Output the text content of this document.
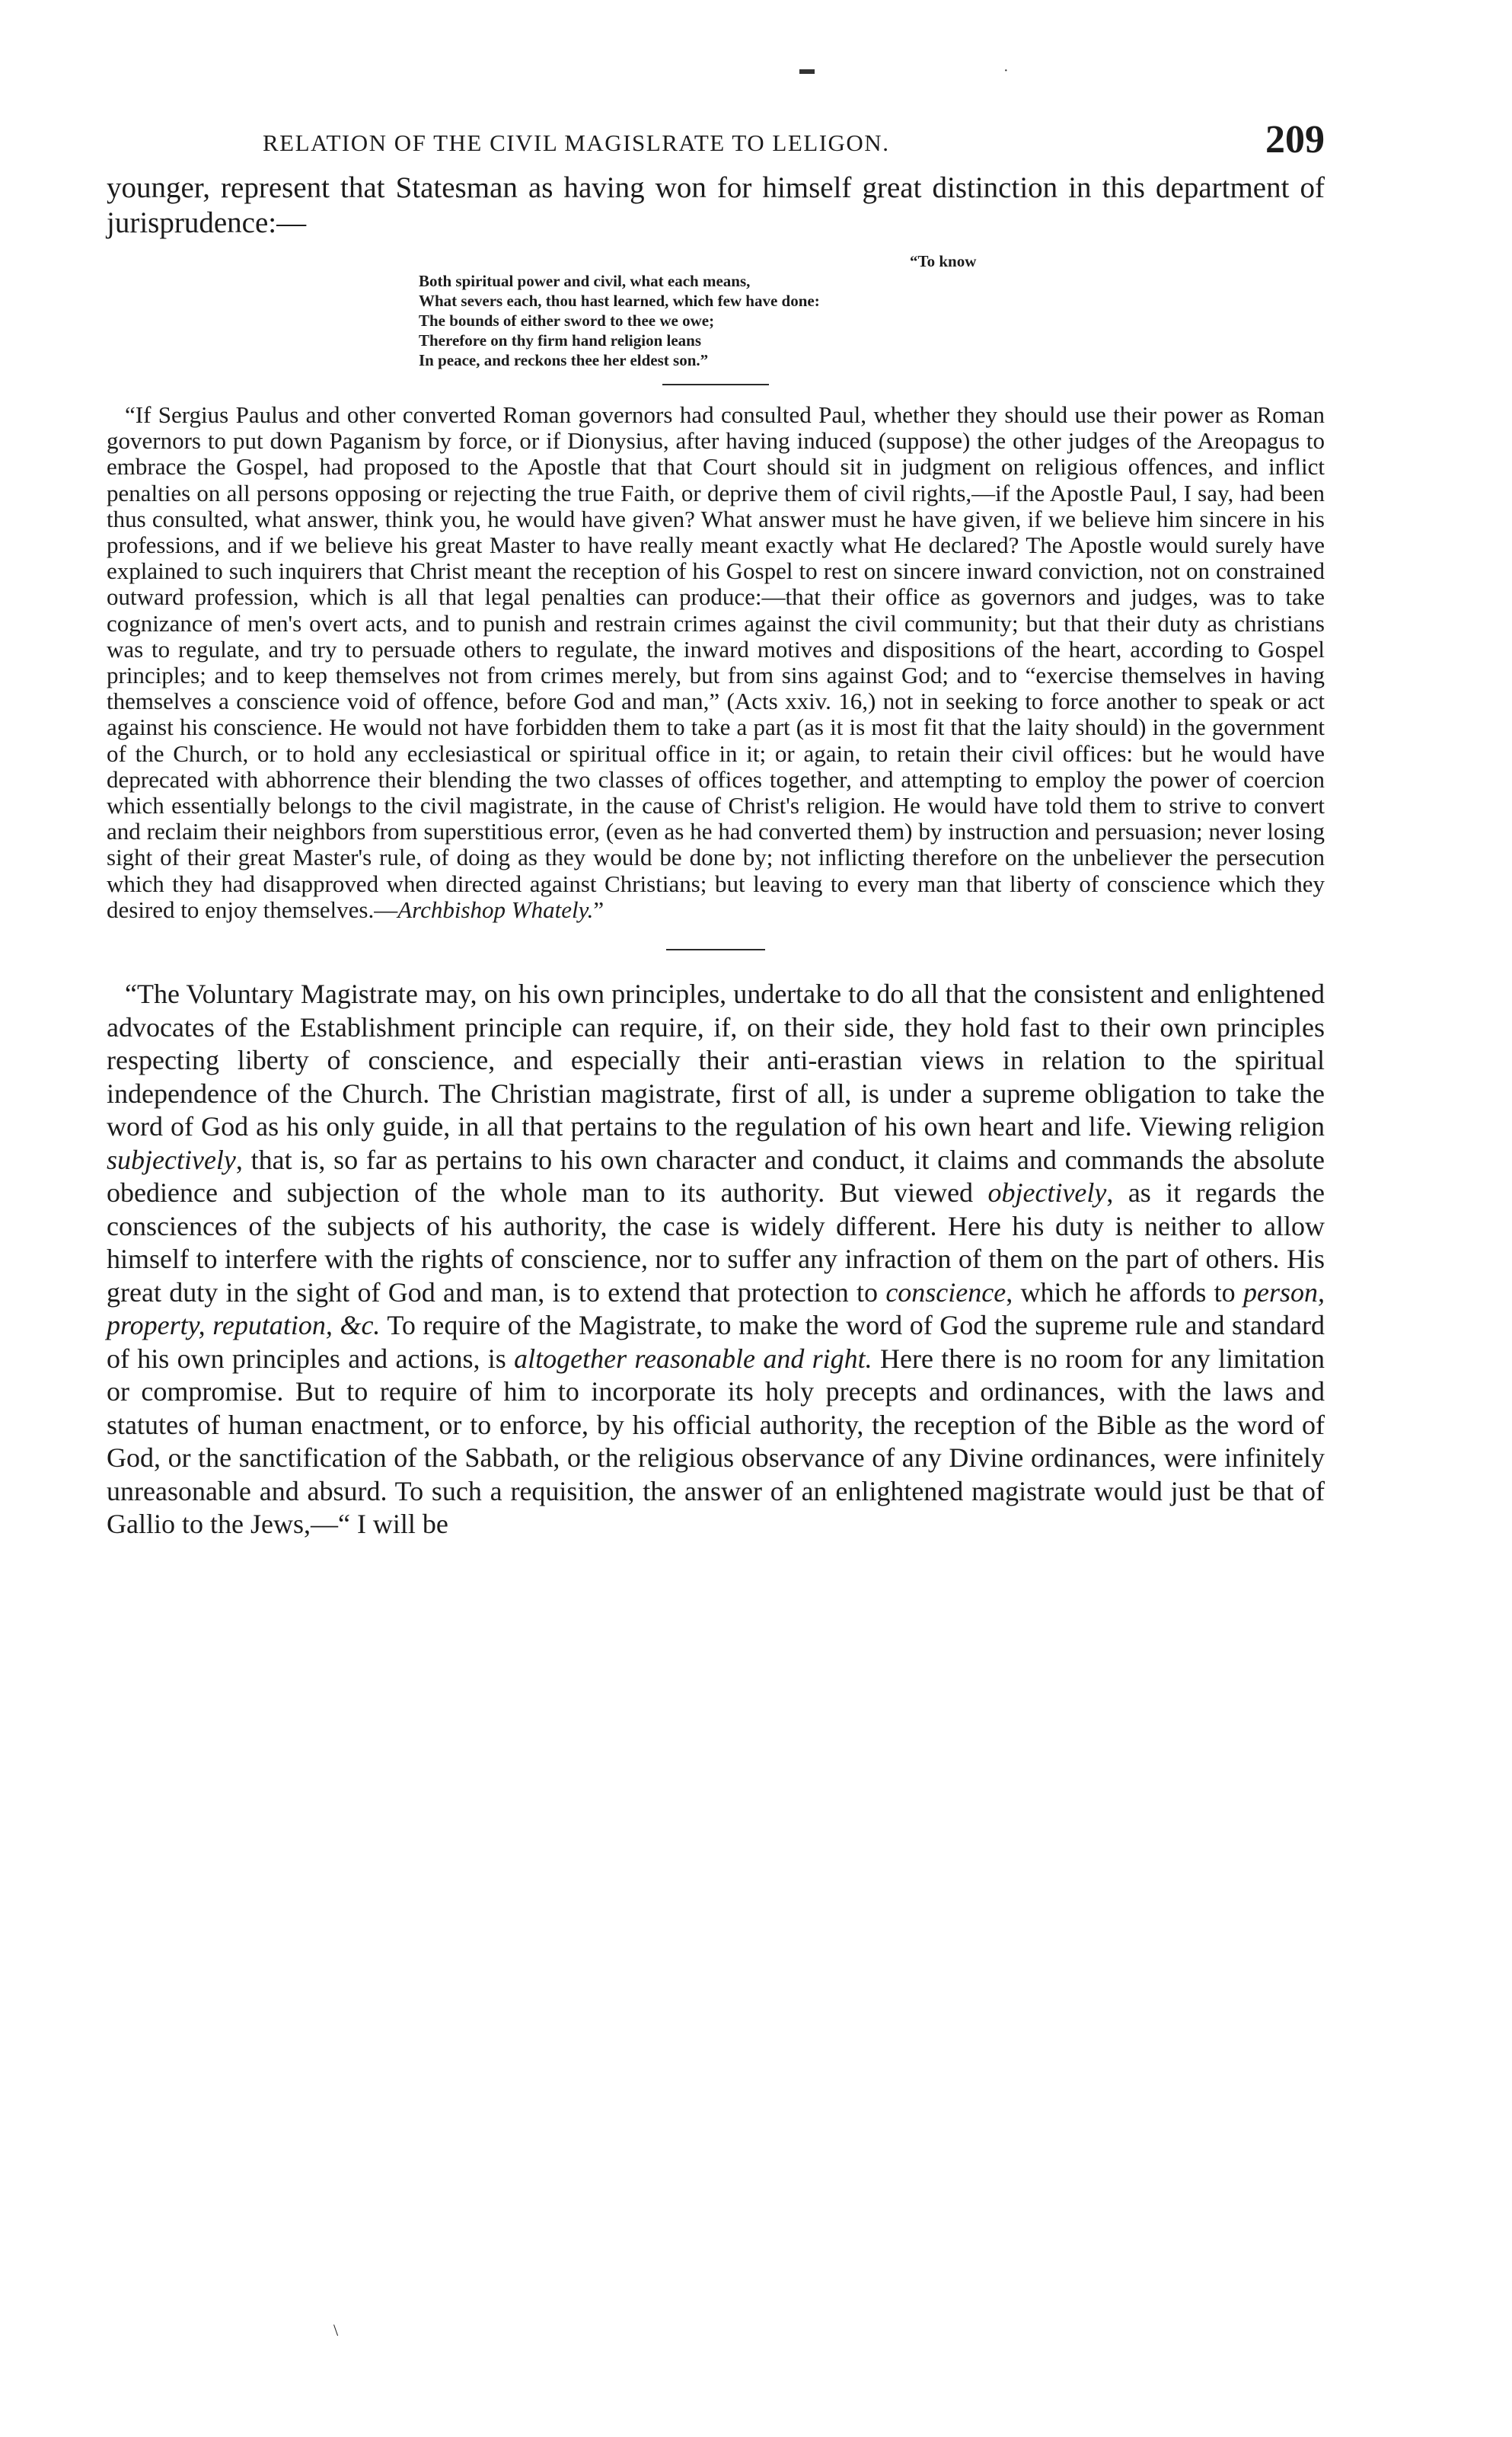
▬	·
RELATION OF THE CIVIL MAGISLRATE TO LELIGON.	209

younger, represent that Statesman as having won for himself great distinction in this department of jurisprudence:—

“To know
Both spiritual power and civil, what each means,
What severs each, thou hast learned, which few have done:
The bounds of either sword to thee we owe;
Therefore on thy firm hand religion leans
In peace, and reckons thee her eldest son.”

“If Sergius Paulus and other converted Roman governors had consulted Paul, whether they should use their power as Roman governors to put down Paganism by force, or if Dionysius, after having induced (suppose) the other judges of the Areopagus to embrace the Gospel, had proposed to the Apostle that that Court should sit in judgment on religious offences, and inflict penalties on all persons opposing or rejecting the true Faith, or deprive them of civil rights,—if the Apostle Paul, I say, had been thus consulted, what answer, think you, he would have given? What answer must he have given, if we believe him sincere in his professions, and if we believe his great Master to have really meant exactly what He declared? The Apostle would surely have explained to such inquirers that Christ meant the reception of his Gospel to rest on sincere inward conviction, not on constrained outward profession, which is all that legal penalties can produce:—that their office as governors and judges, was to take cognizance of men's overt acts, and to punish and restrain crimes against the civil community; but that their duty as christians was to regulate, and try to persuade others to regulate, the inward motives and dispositions of the heart, according to Gospel principles; and to keep themselves not from crimes merely, but from sins against God; and to “exercise themselves in having themselves a conscience void of offence, before God and man,” (Acts xxiv. 16,) not in seeking to force another to speak or act against his conscience. He would not have forbidden them to take a part (as it is most fit that the laity should) in the government of the Church, or to hold any ecclesiastical or spiritual office in it; or again, to retain their civil offices: but he would have deprecated with abhorrence their blending the two classes of offices together, and attempting to employ the power of coercion which essentially belongs to the civil magistrate, in the cause of Christ's religion. He would have told them to strive to convert and reclaim their neighbors from superstitious error, (even as he had converted them) by instruction and persuasion; never losing sight of their great Master's rule, of doing as they would be done by; not inflicting therefore on the unbeliever the persecution which they had disapproved when directed against Christians; but leaving to every man that liberty of conscience which they desired to enjoy themselves.—Archbishop Whately.”

“The Voluntary Magistrate may, on his own principles, undertake to do all that the consistent and enlightened advocates of the Establishment principle can require, if, on their side, they hold fast to their own principles respecting liberty of conscience, and especially their anti-erastian views in relation to the spiritual independence of the Church. The Christian magistrate, first of all, is under a supreme obligation to take the word of God as his only guide, in all that pertains to the regulation of his own heart and life. Viewing religion subjectively, that is, so far as pertains to his own character and conduct, it claims and commands the absolute obedience and subjection of the whole man to its authority. But viewed objectively, as it regards the consciences of the subjects of his authority, the case is widely different. Here his duty is neither to allow himself to interfere with the rights of conscience, nor to suffer any infraction of them on the part of others. His great duty in the sight of God and man, is to extend that protection to conscience, which he affords to person, property, reputation, &c. To require of the Magistrate, to make the word of God the supreme rule and standard of his own principles and actions, is altogether reasonable and right. Here there is no room for any limitation or compromise. But to require of him to incorporate its holy precepts and ordinances, with the laws and statutes of human enactment, or to enforce, by his official authority, the reception of the Bible as the word of God, or the sanctification of the Sabbath, or the religious observance of any Divine ordinances, were infinitely unreasonable and absurd. To such a requisition, the answer of an enlightened magistrate would just be that of Gallio to the Jews,—“ I will be

\
